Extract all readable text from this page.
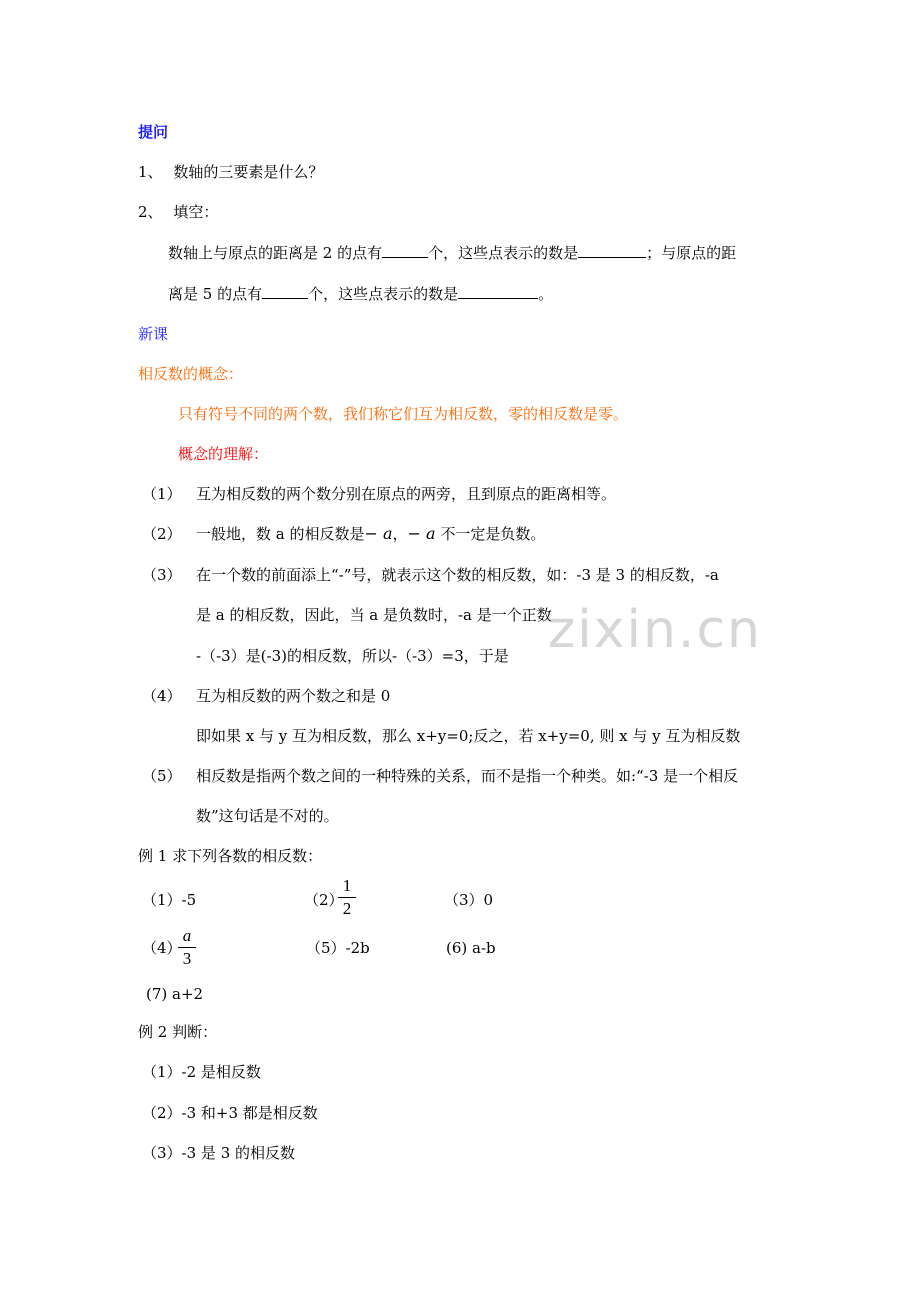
提问
1、 数轴的三要素是什么？
2、 填空：
数轴上与原点的距离是 2 的点有	个，这些点表示的数是	；与原点的距
离是 5 的点有	个，这些点表示的数是	。
新课
相反数的概念：
只有符号不同的两个数，我们称它们互为相反数，零的相反数是零。
概念的理解：
（1） 互为相反数的两个数分别在原点的两旁，且到原点的距离相等。
（2） 一般地，数 a 的相反数是− a，− a 不一定是负数。
（3） 在一个数的前面添上“-”号，就表示这个数的相反数，如：-3 是 3 的相反数，-a
是 a 的相反数，因此，当 a 是负数时，-a 是一个正数
-（-3）是(-3)的相反数，所以-（-3）=3，于是
（4） 互为相反数的两个数之和是 0
即如果 x 与 y 互为相反数，那么 x+y=0;反之，若 x+y=0, 则 x 与 y 互为相反数
（5） 相反数是指两个数之间的一种特殊的关系，而不是指一个种类。如:“-3 是一个相反
数”这句话是不对的。
例 1 求下列各数的相反数：
（1）-5	（2）
1
2	（3）0
（4）
a
3
（5）-2b	(6) a-b
(7) a+2
例 2 判断：
（1）-2 是相反数
（2）-3 和+3 都是相反数
（3）-3 是 3 的相反数
zixin.cn
